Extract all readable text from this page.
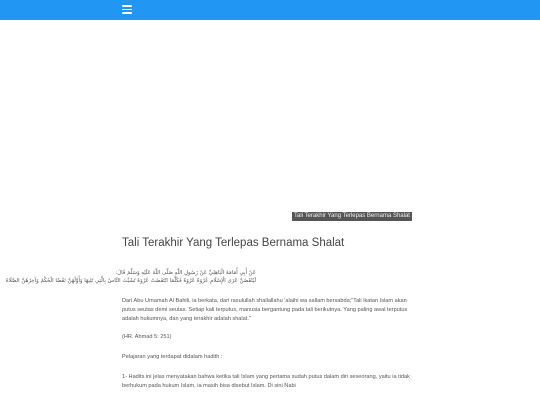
Tali Terakhir Yang Terlepas Bernama Shalat
Tali Terakhir Yang Terlepas Bernama Shalat

عَنْ أَبِي أُمَامَةَ الْبَاهِلِيِّ عَنْ رَسُولِ اللَّهِ صَلَّى اللَّهُ عَلَيْهِ وَسَلَّمَ قَالَ:

لَيُنْقَضَنَّ عُرَى الْإِسْلَامِ عُرْوَةً عُرْوَةً فَكُلَّمَا انْتَقَضَتْ عُرْوَةٌ تَشَبَّثَ النَّاسُ بِالَّتِي تَلِيهَا وَأَوَّلُهُنَّ نَقْضًا الْحُكْمُ وَآخِرُهُنَّ الصَّلَاةُ

Dari Abu Umamah Al Bahili, ia berkata, dari rasulullah shallallahu 'alaihi wa sallam bersabda;"Tali ikatan Islam akan putus seutas demi seutas. Setiap kali terputus, manusia bergantung pada tali berikutnya. Yang paling awal terputus adalah hukumnya, dan yang terakhir adalah shalat."

(HR. Ahmad 5: 251)

Pelajaran yang terdapat didalam hadith :

1- Hadits ini jelas menyatakan bahwa ketika tali Islam yang pertama sudah putus dalam diri seseorang, yaitu ia tidak berhukum pada hukum Islam, ia masih bisa disebut Islam. Di sini Nabi
